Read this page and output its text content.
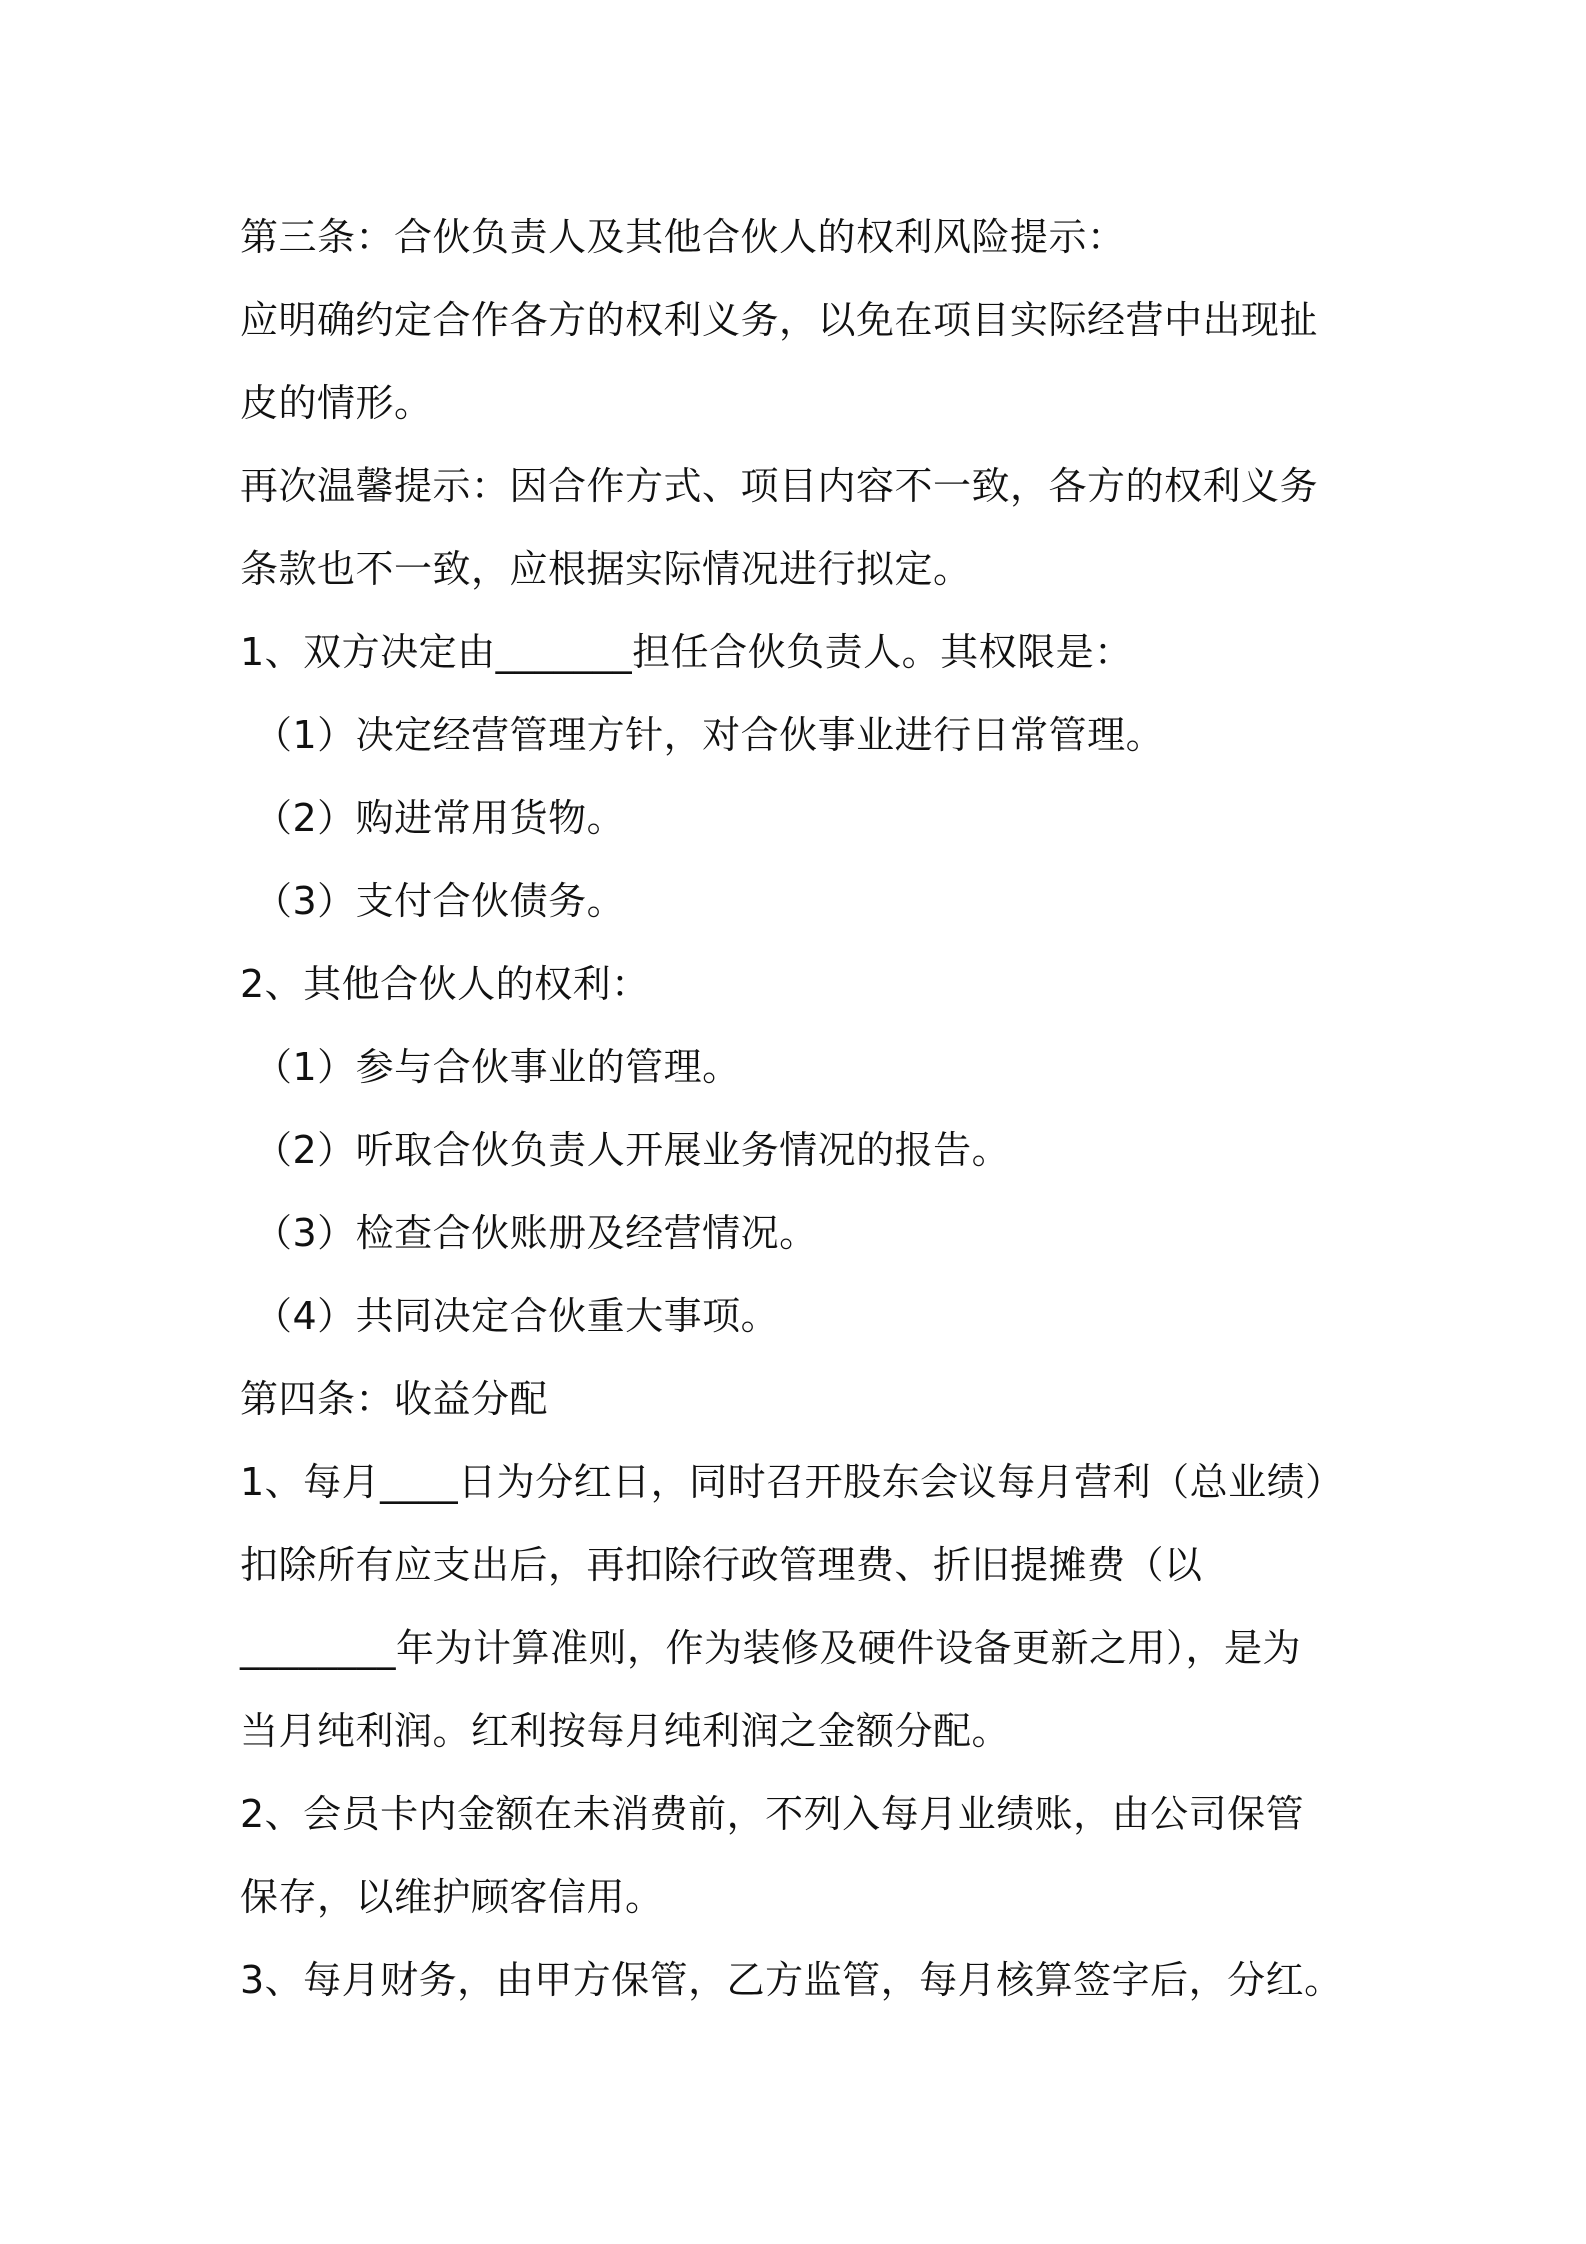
第三条：合伙负责人及其他合伙人的权利风险提示：
应明确约定合作各方的权利义务，以免在项目实际经营中出现扯
皮的情形。
再次温馨提示：因合作方式、项目内容不一致，各方的权利义务
条款也不一致，应根据实际情况进行拟定。
1、双方决定由_______担任合伙负责人。其权限是：
（1）决定经营管理方针，对合伙事业进行日常管理。
（2）购进常用货物。
（3）支付合伙债务。
2、其他合伙人的权利：
（1）参与合伙事业的管理。
（2）听取合伙负责人开展业务情况的报告。
（3）检查合伙账册及经营情况。
（4）共同决定合伙重大事项。
第四条：收益分配
1、每月____日为分红日，同时召开股东会议每月营利（总业绩）
扣除所有应支出后，再扣除行政管理费、折旧提摊费（以
________年为计算准则，作为装修及硬件设备更新之用），是为
当月纯利润。红利按每月纯利润之金额分配。
2、会员卡内金额在未消费前，不列入每月业绩账，由公司保管
保存，以维护顾客信用。
3、每月财务，由甲方保管，乙方监管，每月核算签字后，分红。
